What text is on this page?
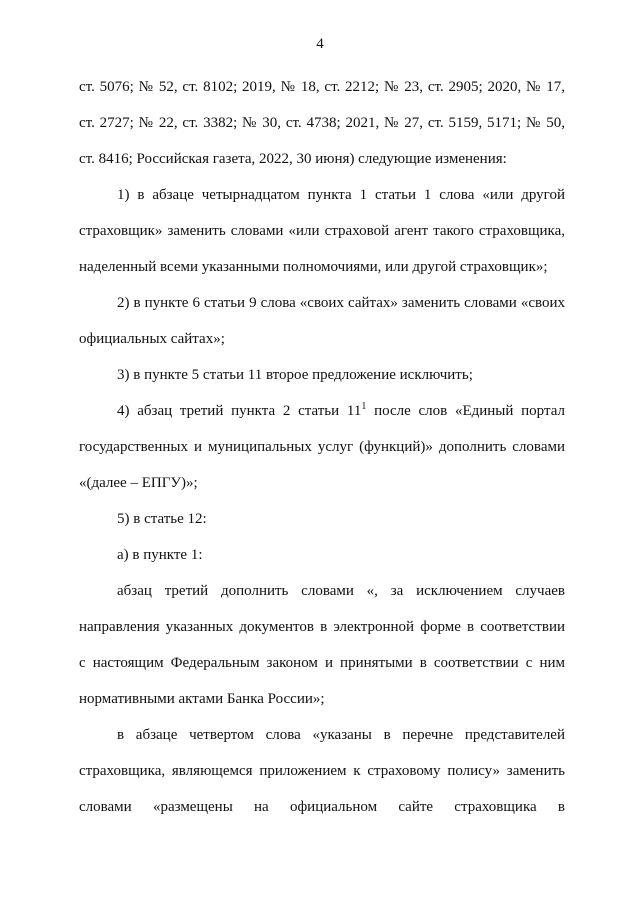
4
ст. 5076; № 52, ст. 8102; 2019, № 18, ст. 2212; № 23, ст. 2905; 2020, № 17,
ст. 2727; № 22, ст. 3382; № 30, ст. 4738; 2021, № 27, ст. 5159, 5171; № 50,
ст. 8416; Российская газета, 2022, 30 июня) следующие изменения:
1) в абзаце четырнадцатом пункта 1 статьи 1 слова «или другой
страховщик» заменить словами «или страховой агент такого страховщика,
наделенный всеми указанными полномочиями, или другой страховщик»;
2) в пункте 6 статьи 9 слова «своих сайтах» заменить словами «своих
официальных сайтах»;
3) в пункте 5 статьи 11 второе предложение исключить;
4) абзац третий пункта 2 статьи $11^1$ после слов «Единый портал
государственных и муниципальных услуг (функций)» дополнить словами
«(далее – ЕПГУ)»;
5) в статье 12:
а) в пункте 1:
абзац третий дополнить словами «, за исключением случаев
направления указанных документов в электронной форме в соответствии
с настоящим Федеральным законом и принятыми в соответствии с ним
нормативными актами Банка России»;
в абзаце четвертом слова «указаны в перечне представителей
страховщика, являющемся приложением к страховому полису» заменить
словами «размещены на официальном сайте страховщика в
